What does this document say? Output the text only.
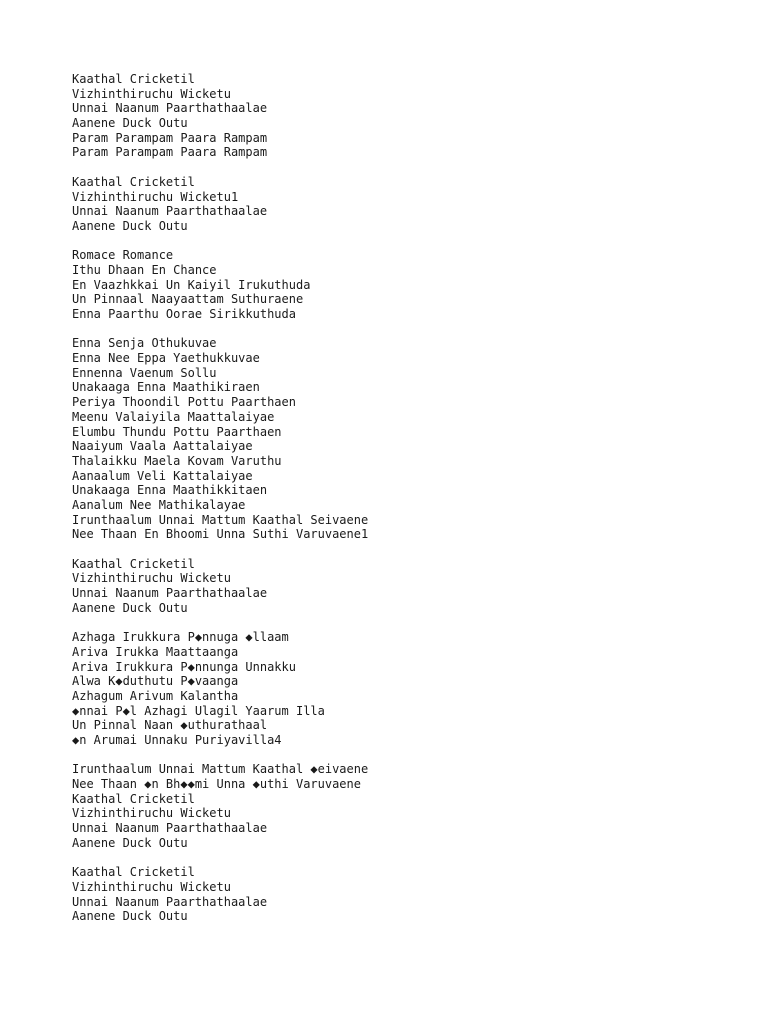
Kaathal Cricketil
Vizhinthiruchu Wicketu
Unnai Naanum Paarthathaalae
Aanene Duck Outu
Param Parampam Paara Rampam
Param Parampam Paara Rampam
Kaathal Cricketil
Vizhinthiruchu Wicketu1
Unnai Naanum Paarthathaalae
Aanene Duck Outu
Romace Romance
Ithu Dhaan En Chance
En Vaazhkkai Un Kaiyil Irukuthuda
Un Pinnaal Naayaattam Suthuraene
Enna Paarthu Oorae Sirikkuthuda
Enna Senja Othukuvae
Enna Nee Eppa Yaethukkuvae
Ennenna Vaenum Sollu
Unakaaga Enna Maathikiraen
Periya Thoondil Pottu Paarthaen
Meenu Valaiyila Maattalaiyae
Elumbu Thundu Pottu Paarthaen
Naaiyum Vaala Aattalaiyae
Thalaikku Maela Kovam Varuthu
Aanaalum Veli Kattalaiyae
Unakaaga Enna Maathikkitaen
Aanalum Nee Mathikalayae
Irunthaalum Unnai Mattum Kaathal Seivaene
Nee Thaan En Bhoomi Unna Suthi Varuvaene1
Kaathal Cricketil
Vizhinthiruchu Wicketu
Unnai Naanum Paarthathaalae
Aanene Duck Outu
Azhaga Irukkura P◆nnuga ◆llaam
Ariva Irukka Maattaanga
Ariva Irukkura P◆nnunga Unnakku
Alwa K◆duthutu P◆vaanga
Azhagum Arivum Kalantha
◆nnai P◆l Azhagi Ulagil Yaarum Illa
Un Pinnal Naan ◆uthurathaal
◆n Arumai Unnaku Puriyavilla4
Irunthaalum Unnai Mattum Kaathal ◆eivaene
Nee Thaan ◆n Bh◆◆mi Unna ◆uthi Varuvaene
Kaathal Cricketil
Vizhinthiruchu Wicketu
Unnai Naanum Paarthathaalae
Aanene Duck Outu
Kaathal Cricketil
Vizhinthiruchu Wicketu
Unnai Naanum Paarthathaalae
Aanene Duck Outu
